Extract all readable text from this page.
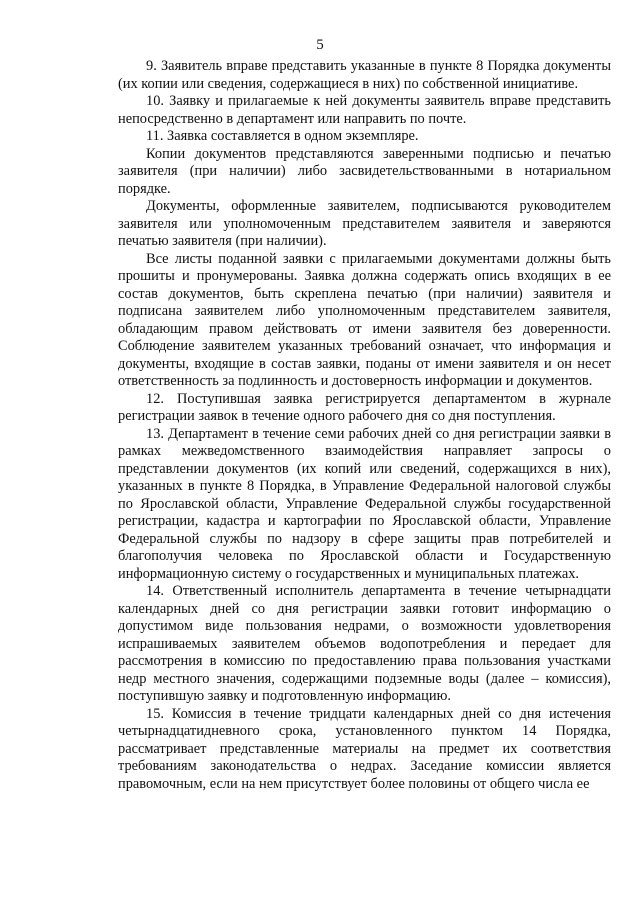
5

9. Заявитель вправе представить указанные в пункте 8 Порядка документы (их копии или сведения, содержащиеся в них) по собственной инициативе.

10. Заявку и прилагаемые к ней документы заявитель вправе представить непосредственно в департамент или направить по почте.

11. Заявка составляется в одном экземпляре.

Копии документов представляются заверенными подписью и печатью заявителя (при наличии) либо засвидетельствованными в нотариальном порядке.

Документы, оформленные заявителем, подписываются руководителем заявителя или уполномоченным представителем заявителя и заверяются печатью заявителя (при наличии).

Все листы поданной заявки с прилагаемыми документами должны быть прошиты и пронумерованы. Заявка должна содержать опись входящих в ее состав документов, быть скреплена печатью (при наличии) заявителя и подписана заявителем либо уполномоченным представителем заявителя, обладающим правом действовать от имени заявителя без доверенности. Соблюдение заявителем указанных требований означает, что информация и документы, входящие в состав заявки, поданы от имени заявителя и он несет ответственность за подлинность и достоверность информации и документов.

12. Поступившая заявка регистрируется департаментом в журнале регистрации заявок в течение одного рабочего дня со дня поступления.

13. Департамент в течение семи рабочих дней со дня регистрации заявки в рамках межведомственного взаимодействия направляет запросы о представлении документов (их копий или сведений, содержащихся в них), указанных в пункте 8 Порядка, в Управление Федеральной налоговой службы по Ярославской области, Управление Федеральной службы государственной регистрации, кадастра и картографии по Ярославской области, Управление Федеральной службы по надзору в сфере защиты прав потребителей и благополучия человека по Ярославской области и Государственную информационную систему о государственных и муниципальных платежах.

14. Ответственный исполнитель департамента в течение четырнадцати календарных дней со дня регистрации заявки готовит информацию о допустимом виде пользования недрами, о возможности удовлетворения испрашиваемых заявителем объемов водопотребления и передает для рассмотрения в комиссию по предоставлению права пользования участками недр местного значения, содержащими подземные воды (далее – комиссия), поступившую заявку и подготовленную информацию.

15. Комиссия в течение тридцати календарных дней со дня истечения четырнадцатидневного срока, установленного пунктом 14 Порядка, рассматривает представленные материалы на предмет их соответствия требованиям законодательства о недрах. Заседание комиссии является правомочным, если на нем присутствует более половины от общего числа ее
